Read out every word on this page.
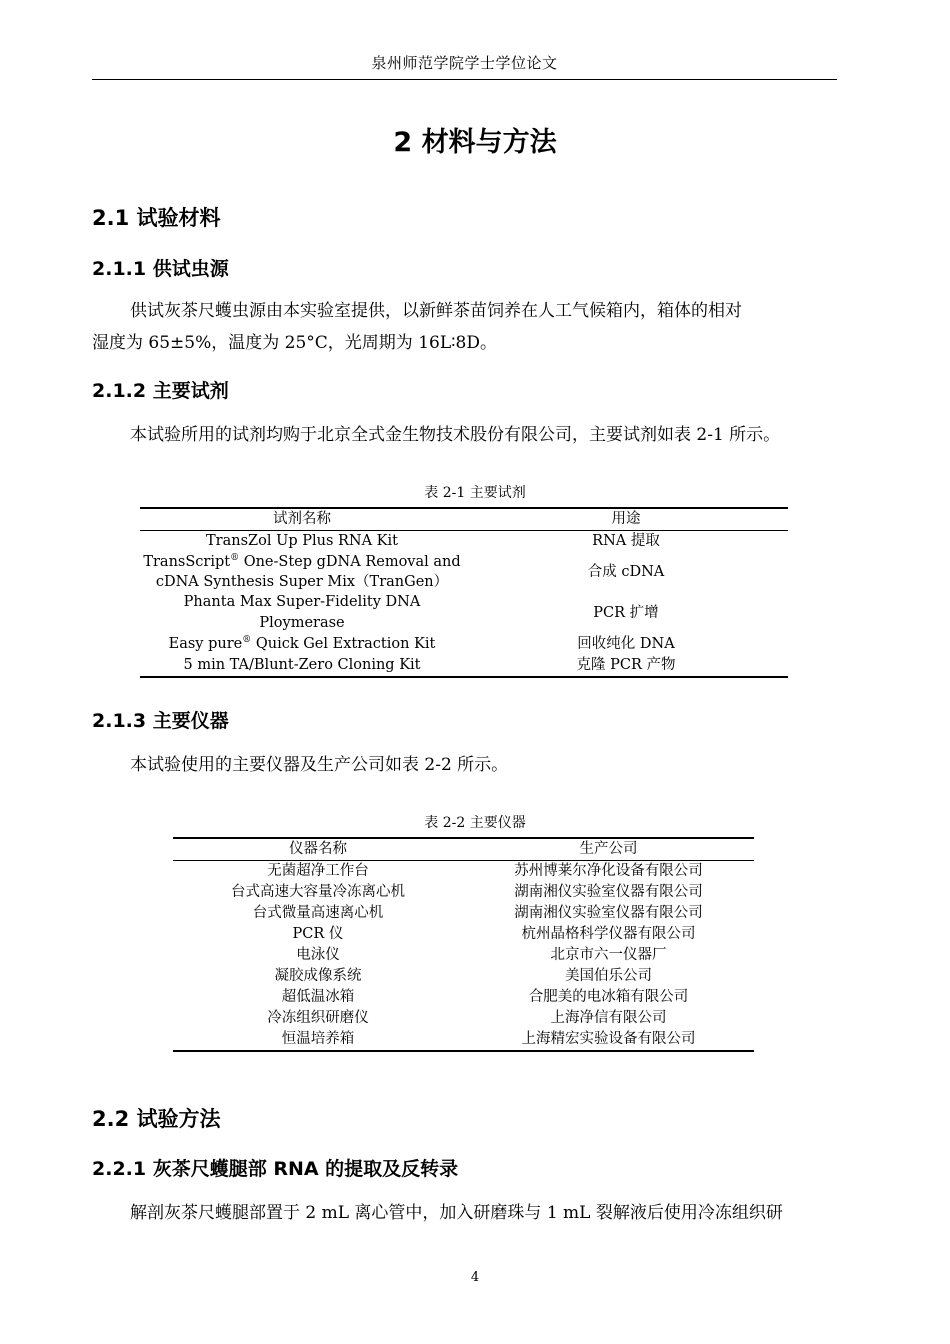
泉州师范学院学士学位论文
2 材料与方法
2.1 试验材料
2.1.1 供试虫源

供试灰茶尺蠖虫源由本实验室提供，以新鲜茶苗饲养在人工气候箱内，箱体的相对
湿度为 65±5%，温度为 25°C，光周期为 16L∶8D。

2.1.2 主要试剂

本试验所用的试剂均购于北京全式金生物技术股份有限公司，主要试剂如表 2-1 所示。

表 2-1 主要试剂
试剂名称	用途
TransZol Up Plus RNA Kit	RNA 提取
TransScript® One-Step gDNA Removal and
cDNA Synthesis Super Mix（TranGen）	合成 cDNA
Phanta Max Super-Fidelity DNA Ploymerase	PCR 扩增
Easy pure® Quick Gel Extraction Kit	回收纯化 DNA
5 min TA/Blunt-Zero Cloning Kit	克隆 PCR 产物
2.1.3 主要仪器

本试验使用的主要仪器及生产公司如表 2-2 所示。

表 2-2 主要仪器
仪器名称	生产公司
无菌超净工作台	苏州博莱尔净化设备有限公司
台式高速大容量冷冻离心机	湖南湘仪实验室仪器有限公司
台式微量高速离心机	湖南湘仪实验室仪器有限公司
PCR 仪	杭州晶格科学仪器有限公司
电泳仪	北京市六一仪器厂
凝胶成像系统	美国伯乐公司
超低温冰箱	合肥美的电冰箱有限公司
冷冻组织研磨仪	上海净信有限公司
恒温培养箱	上海精宏实验设备有限公司
2.2 试验方法
2.2.1 灰茶尺蠖腿部 RNA 的提取及反转录

解剖灰茶尺蠖腿部置于 2 mL 离心管中，加入研磨珠与 1 mL 裂解液后使用冷冻组织研

4
